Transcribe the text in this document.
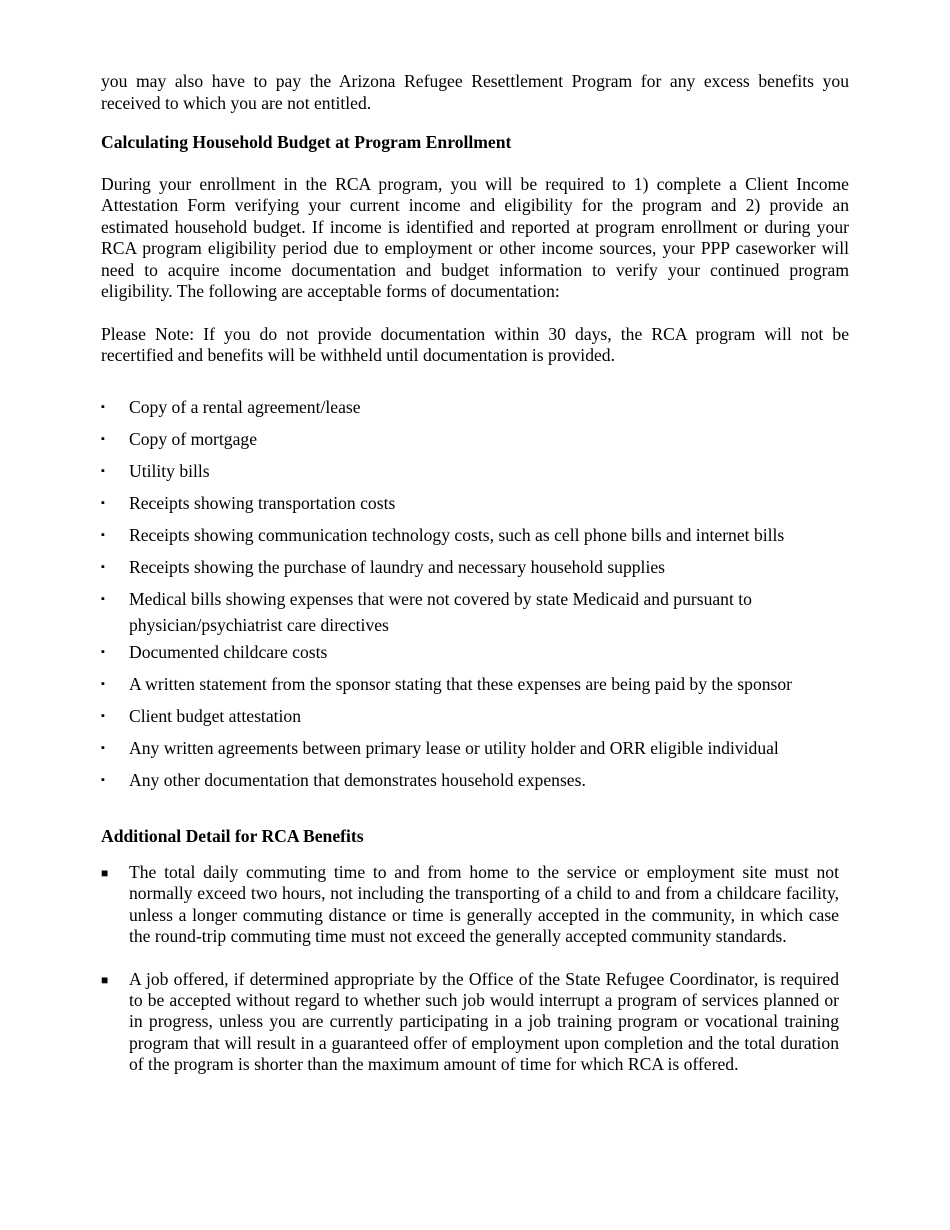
you may also have to pay the Arizona Refugee Resettlement Program for any excess benefits you received to which you are not entitled.

Calculating Household Budget at Program Enrollment

During your enrollment in the RCA program, you will be required to 1) complete a Client Income Attestation Form verifying your current income and eligibility for the program and 2) provide an estimated household budget. If income is identified and reported at program enrollment or during your RCA program eligibility period due to employment or other income sources, your PPP caseworker will need to acquire income documentation and budget information to verify your continued program eligibility. The following are acceptable forms of documentation:

Please Note: If you do not provide documentation within 30 days, the RCA program will not be recertified and benefits will be withheld until documentation is provided.

▪ Copy of a rental agreement/lease
▪ Copy of mortgage
▪ Utility bills
▪ Receipts showing transportation costs
▪ Receipts showing communication technology costs, such as cell phone bills and internet bills
▪ Receipts showing the purchase of laundry and necessary household supplies
▪ Medical bills showing expenses that were not covered by state Medicaid and pursuant to physician/psychiatrist care directives
▪ Documented childcare costs
▪ A written statement from the sponsor stating that these expenses are being paid by the sponsor
▪ Client budget attestation
▪ Any written agreements between primary lease or utility holder and ORR eligible individual
▪ Any other documentation that demonstrates household expenses.

Additional Detail for RCA Benefits

■ The total daily commuting time to and from home to the service or employment site must not normally exceed two hours, not including the transporting of a child to and from a childcare facility, unless a longer commuting distance or time is generally accepted in the community, in which case the round-trip commuting time must not exceed the generally accepted community standards.
■ A job offered, if determined appropriate by the Office of the State Refugee Coordinator, is required to be accepted without regard to whether such job would interrupt a program of services planned or in progress, unless you are currently participating in a job training program or vocational training program that will result in a guaranteed offer of employment upon completion and the total duration of the program is shorter than the maximum amount of time for which RCA is offered.
